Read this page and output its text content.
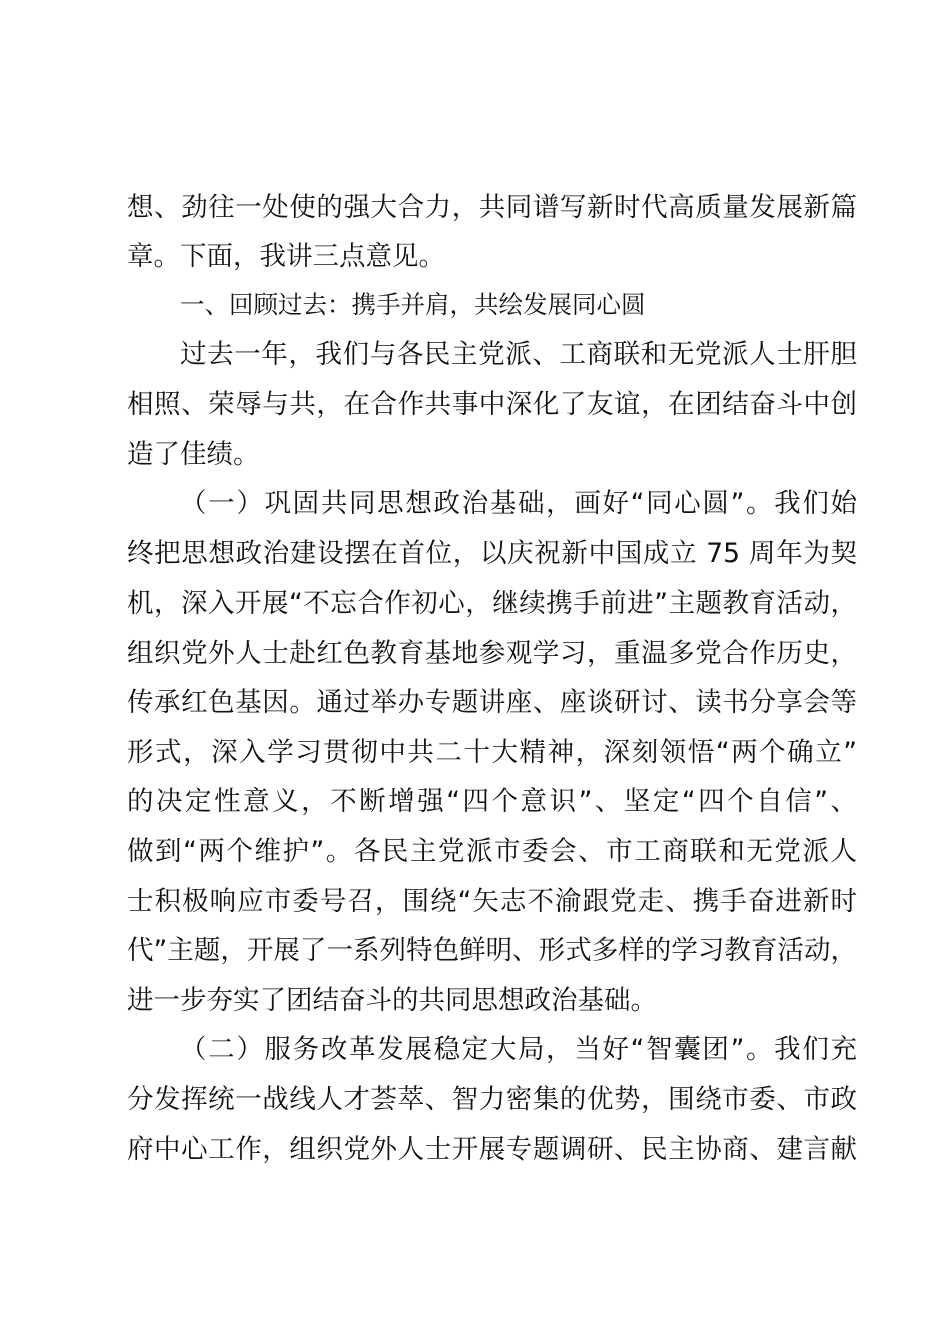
想、劲往一处使的强大合力，共同谱写新时代高质量发展新篇
章。下面，我讲三点意见。
一、回顾过去：携手并肩，共绘发展同心圆
过去一年，我们与各民主党派、工商联和无党派人士肝胆
相照、荣辱与共，在合作共事中深化了友谊，在团结奋斗中创
造了佳绩。
（一）巩固共同思想政治基础，画好“同心圆”。我们始
终把思想政治建设摆在首位，以庆祝新中国成立 75 周年为契
机，深入开展“不忘合作初心，继续携手前进”主题教育活动，
组织党外人士赴红色教育基地参观学习，重温多党合作历史，
传承红色基因。通过举办专题讲座、座谈研讨、读书分享会等
形式，深入学习贯彻中共二十大精神，深刻领悟“两个确立”
的决定性意义，不断增强“四个意识”、坚定“四个自信”、
做到“两个维护”。各民主党派市委会、市工商联和无党派人
士积极响应市委号召，围绕“矢志不渝跟党走、携手奋进新时
代”主题，开展了一系列特色鲜明、形式多样的学习教育活动，
进一步夯实了团结奋斗的共同思想政治基础。
（二）服务改革发展稳定大局，当好“智囊团”。我们充
分发挥统一战线人才荟萃、智力密集的优势，围绕市委、市政
府中心工作，组织党外人士开展专题调研、民主协商、建言献
